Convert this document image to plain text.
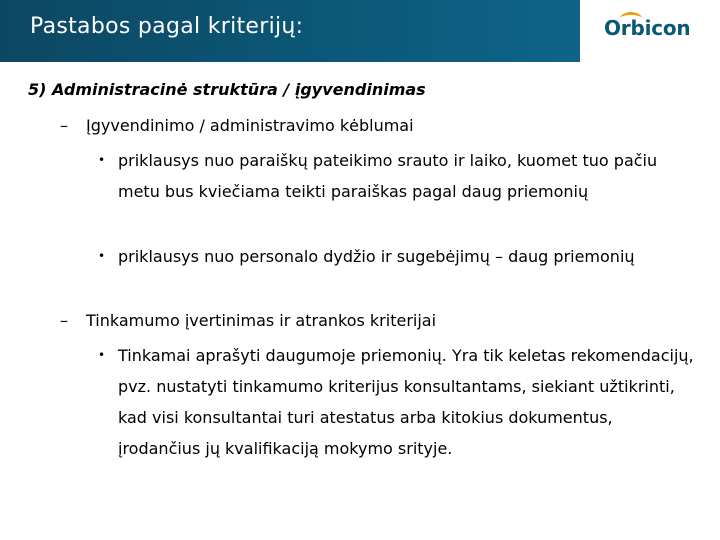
Pastabos pagal kriterijų:	Orbicon
5) Administracinė struktūra / įgyvendinimas
– Įgyvendinimo / administravimo kėblumai
• priklausys nuo paraiškų pateikimo srauto ir laiko, kuomet tuo pačiu metu bus kviečiama teikti paraiškas pagal daug priemonių
• priklausys nuo personalo dydžio ir sugebėjimų – daug priemonių
– Tinkamumo įvertinimas ir atrankos kriterijai
• Tinkamai aprašyti daugumoje priemonių. Yra tik keletas rekomendacijų, pvz. nustatyti tinkamumo kriterijus konsultantams, siekiant užtikrinti, kad visi konsultantai turi atestatus arba kitokius dokumentus, įrodančius jų kvalifikaciją mokymo srityje.
